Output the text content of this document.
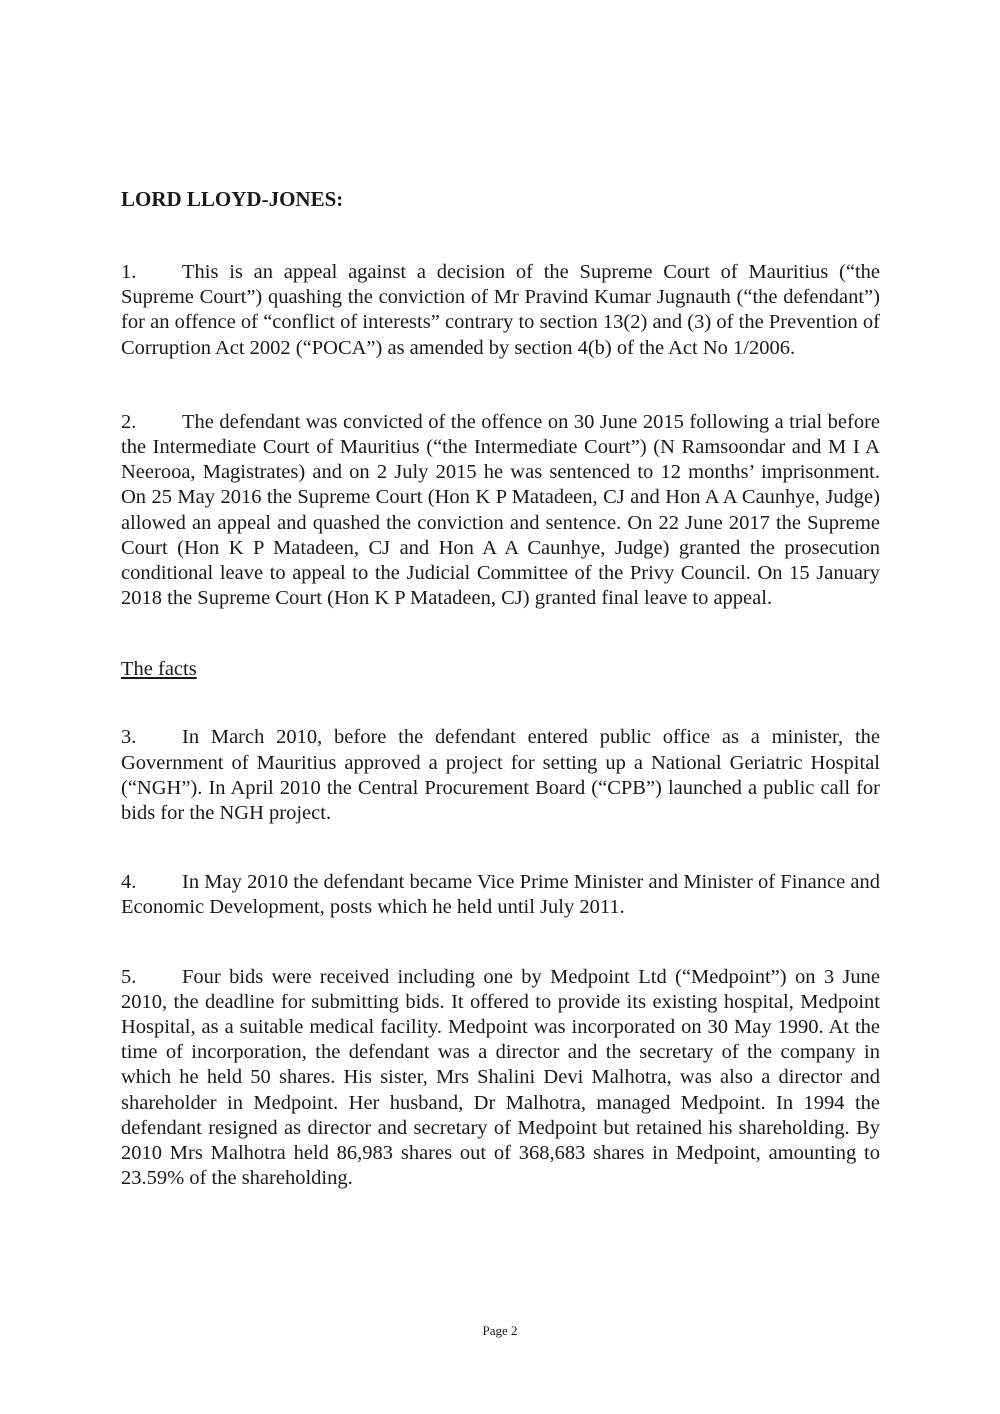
LORD LLOYD-JONES:

1. This is an appeal against a decision of the Supreme Court of Mauritius (“the Supreme Court”) quashing the conviction of Mr Pravind Kumar Jugnauth (“the defendant”) for an offence of “conflict of interests” contrary to section 13(2) and (3) of the Prevention of Corruption Act 2002 (“POCA”) as amended by section 4(b) of the Act No 1/2006.

2. The defendant was convicted of the offence on 30 June 2015 following a trial before the Intermediate Court of Mauritius (“the Intermediate Court”) (N Ramsoondar and M I A Neerooa, Magistrates) and on 2 July 2015 he was sentenced to 12 months’ imprisonment. On 25 May 2016 the Supreme Court (Hon K P Matadeen, CJ and Hon A A Caunhye, Judge) allowed an appeal and quashed the conviction and sentence. On 22 June 2017 the Supreme Court (Hon K P Matadeen, CJ and Hon A A Caunhye, Judge) granted the prosecution conditional leave to appeal to the Judicial Committee of the Privy Council. On 15 January 2018 the Supreme Court (Hon K P Matadeen, CJ) granted final leave to appeal.

The facts

3. In March 2010, before the defendant entered public office as a minister, the Government of Mauritius approved a project for setting up a National Geriatric Hospital (“NGH”). In April 2010 the Central Procurement Board (“CPB”) launched a public call for bids for the NGH project.

4. In May 2010 the defendant became Vice Prime Minister and Minister of Finance and Economic Development, posts which he held until July 2011.

5. Four bids were received including one by Medpoint Ltd (“Medpoint”) on 3 June 2010, the deadline for submitting bids. It offered to provide its existing hospital, Medpoint Hospital, as a suitable medical facility. Medpoint was incorporated on 30 May 1990. At the time of incorporation, the defendant was a director and the secretary of the company in which he held 50 shares. His sister, Mrs Shalini Devi Malhotra, was also a director and shareholder in Medpoint. Her husband, Dr Malhotra, managed Medpoint. In 1994 the defendant resigned as director and secretary of Medpoint but retained his shareholding. By 2010 Mrs Malhotra held 86,983 shares out of 368,683 shares in Medpoint, amounting to 23.59% of the shareholding.

Page 2
